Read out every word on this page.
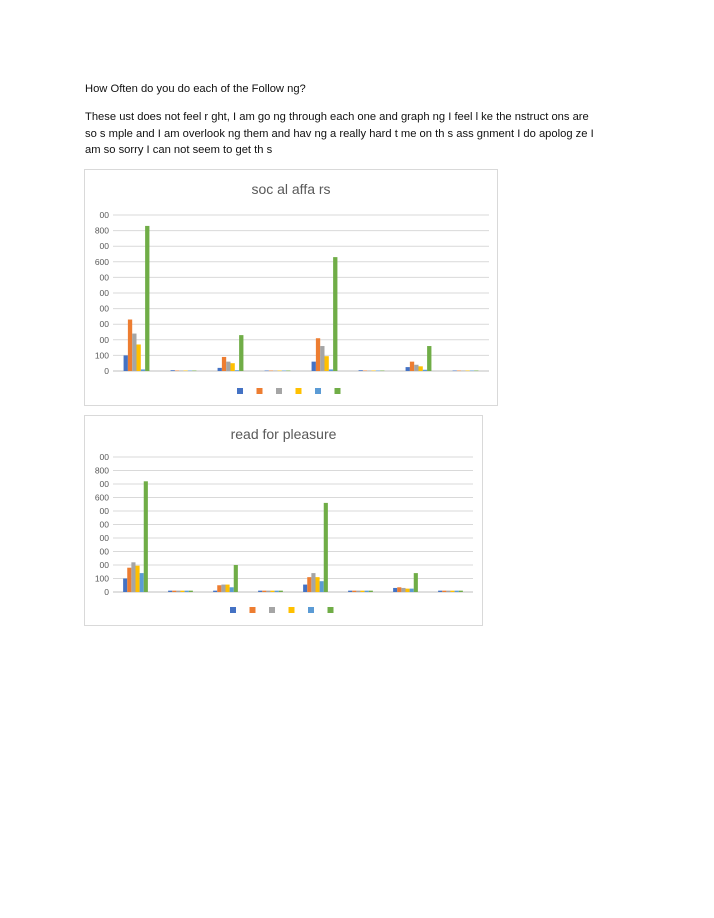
How Often do you do each of the Follow ng?
These ust does not feel r ght, I am go ng through each one and graph ng I feel l ke the nstruct ons are
so s mple and I am overlook ng them and hav ng a really hard t me on th s ass gnment I do apolog ze I
am so sorry I can not seem to get th s
soc al affa rs
0
100
00
00
00
00
00
600
00
800
00
read for pleasure
0
100
00
00
00
00
00
600
00
800
00
